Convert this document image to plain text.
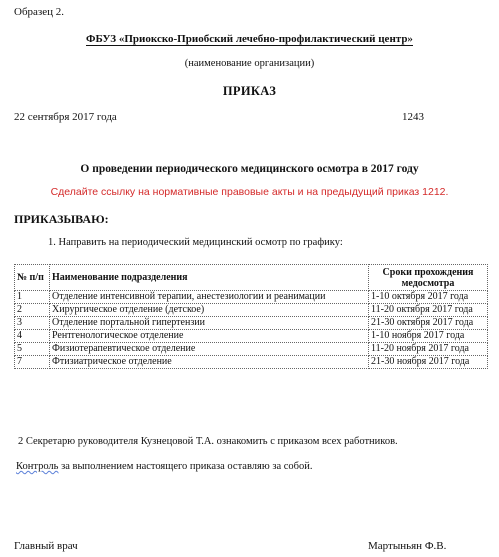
Образец 2.
ФБУЗ «Приокско-Приобский лечебно-профилактический центр»
(наименование организации)
ПРИКАЗ
22 сентября 2017 года	1243
О проведении периодического медицинского осмотра в 2017 году
Сделайте ссылку на нормативные правовые акты и на предыдущий приказ 1212.
ПРИКАЗЫВАЮ:
1. Направить на периодический медицинский осмотр по графику:
№ п/п	Наименование подразделения	Сроки прохождения медосмотра
1	Отделение интенсивной терапии, анестезиологии и реанимации	1-10 октября 2017 года
2	Хирургическое отделение (детское)	11-20 октября 2017 года
3	Отделение портальной гипертензии	21-30 октября 2017 года
4	Рентгенологическое отделение	1-10 ноября 2017 года
5	Физиотерапевтическое отделение	11-20 ноября 2017 года
7	Фтизиатрическое отделение	21-30 ноября 2017 года
2 Секретарю руководителя Кузнецовой Т.А. ознакомить с приказом всех работников.
Контроль за выполнением настоящего приказа оставляю за собой.
Главный врач	Мартыньян Ф.В.
